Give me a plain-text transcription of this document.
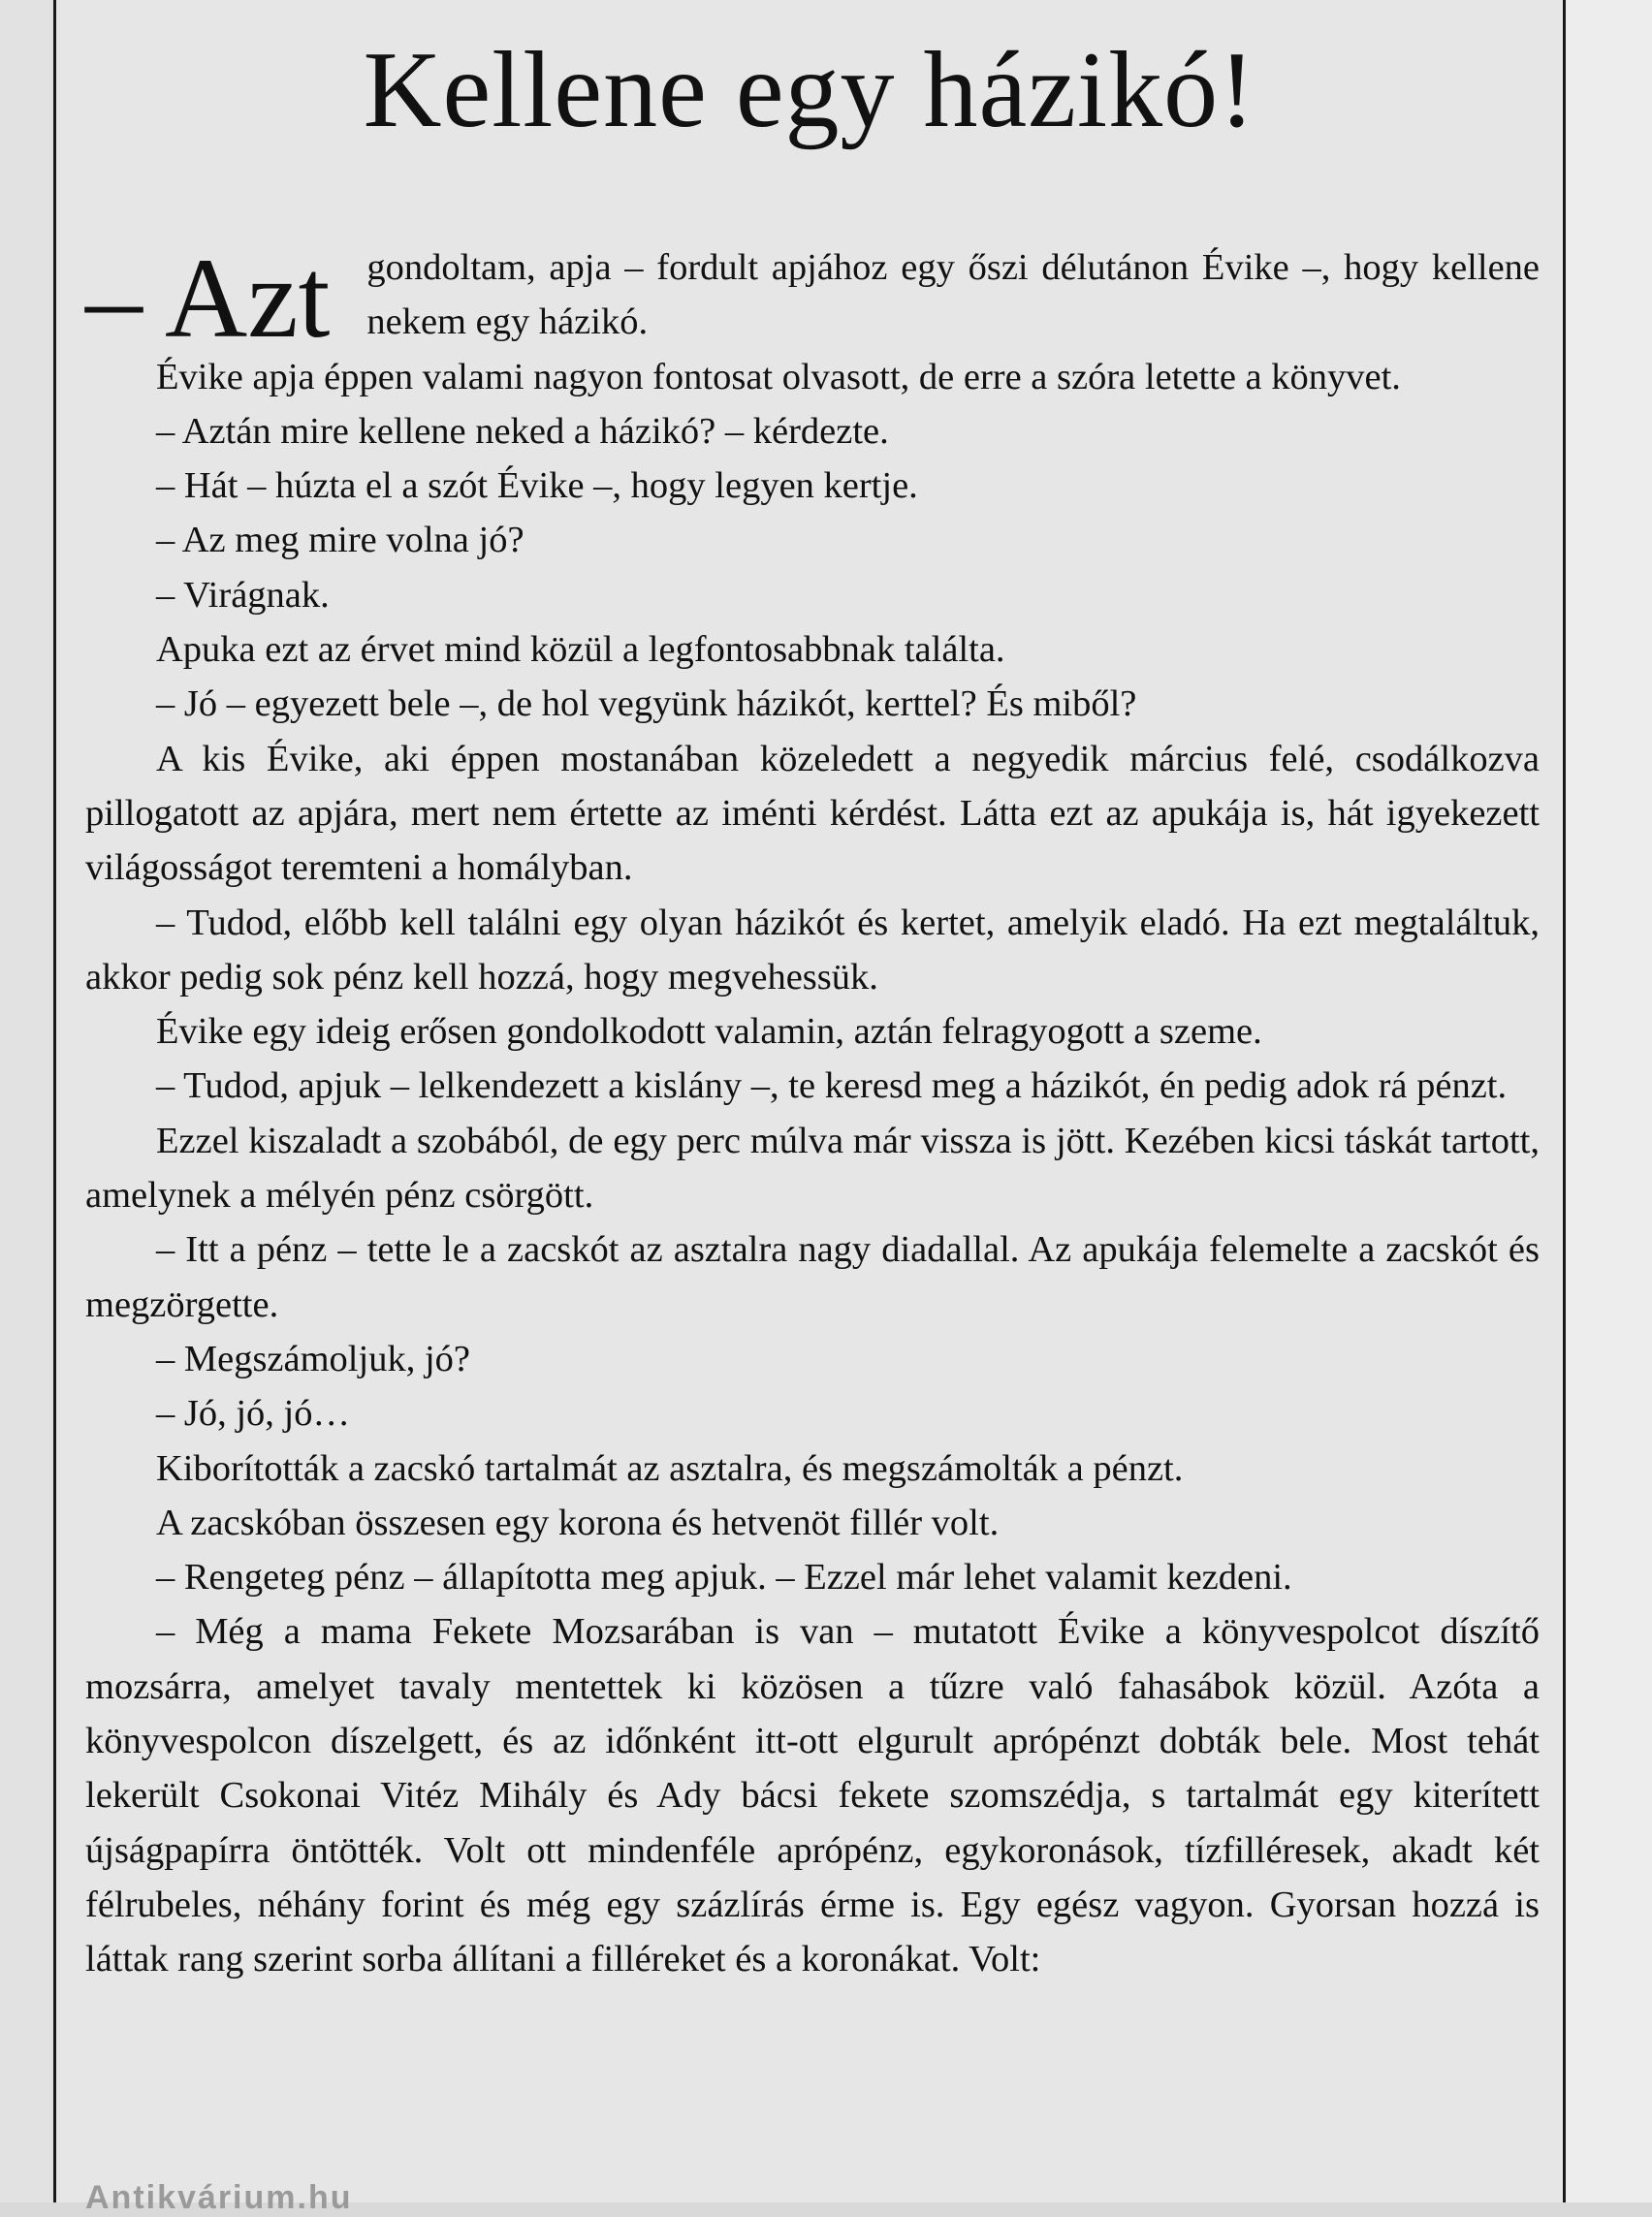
Kellene egy házikó!

– Azt gondoltam, apja – fordult apjához egy őszi délutánon Évike –, hogy kellene nekem egy házikó.

Évike apja éppen valami nagyon fontosat olvasott, de erre a szóra letette a könyvet.

– Aztán mire kellene neked a házikó? – kérdezte.

– Hát – húzta el a szót Évike –, hogy legyen kertje.

– Az meg mire volna jó?

– Virágnak.

Apuka ezt az érvet mind közül a legfontosabbnak találta.

– Jó – egyezett bele –, de hol vegyünk házikót, kerttel? És miből?

A kis Évike, aki éppen mostanában közeledett a negyedik március felé, csodálkozva pillogatott az apjára, mert nem értette az iménti kérdést. Látta ezt az apukája is, hát igyekezett világosságot teremteni a homályban.

– Tudod, előbb kell találni egy olyan házikót és kertet, amelyik eladó. Ha ezt megtaláltuk, akkor pedig sok pénz kell hozzá, hogy megvehessük.

Évike egy ideig erősen gondolkodott valamin, aztán felragyogott a szeme.

– Tudod, apjuk – lelkendezett a kislány –, te keresd meg a házikót, én pedig adok rá pénzt.

Ezzel kiszaladt a szobából, de egy perc múlva már vissza is jött. Kezében kicsi táskát tartott, amelynek a mélyén pénz csörgött.

– Itt a pénz – tette le a zacskót az asztalra nagy diadallal. Az apukája felemelte a zacskót és megzörgette.

– Megszámoljuk, jó?

– Jó, jó, jó…

Kiborították a zacskó tartalmát az asztalra, és megszámolták a pénzt.

A zacskóban összesen egy korona és hetvenöt fillér volt.

– Rengeteg pénz – állapította meg apjuk. – Ezzel már lehet valamit kezdeni.

– Még a mama Fekete Mozsarában is van – mutatott Évike a könyvespolcot díszítő mozsárra, amelyet tavaly mentettek ki közösen a tűzre való fahasábok közül. Azóta a könyvespolcon díszelgett, és az időnként itt-ott elgurult aprópénzt dobták bele. Most tehát lekerült Csokonai Vitéz Mihály és Ady bácsi fekete szomszédja, s tartalmát egy kiterített újságpapírra öntötték. Volt ott mindenféle aprópénz, egykoronások, tízfilléresek, akadt két félrubeles, néhány forint és még egy százlírás érme is. Egy egész vagyon. Gyorsan hozzá is láttak rang szerint sorba állítani a filléreket és a koronákat. Volt:

Antikvárium.hu
